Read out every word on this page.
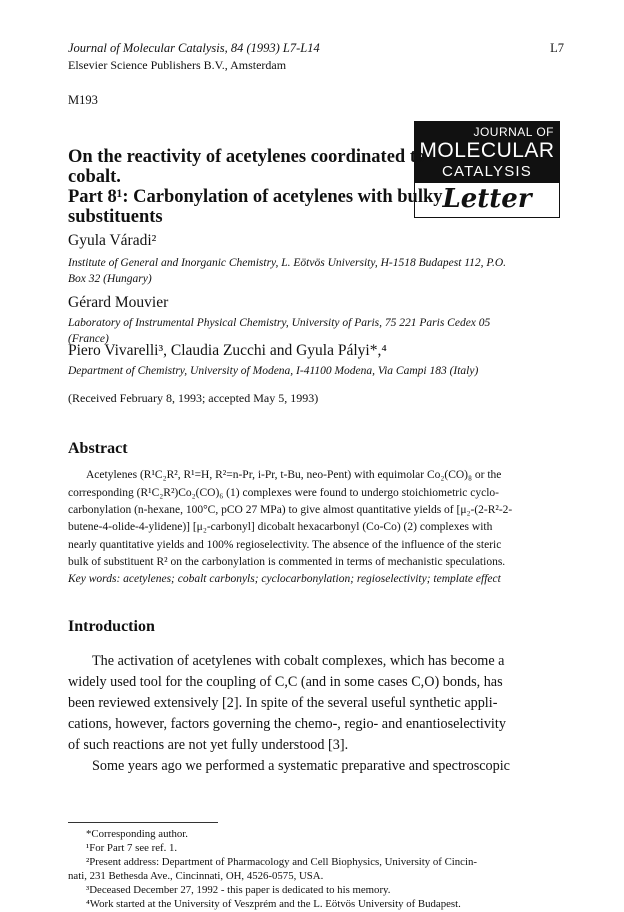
Journal of Molecular Catalysis, 84 (1993) L7-L14
Elsevier Science Publishers B.V., Amsterdam
L7
M193
JOURNAL OF
MOLECULAR
CATALYSIS
Letter
On the reactivity of acetylenes coordinated to
cobalt.
Part 8¹: Carbonylation of acetylenes with bulky
substituents
Gyula Váradi²
Institute of General and Inorganic Chemistry, L. Eötvös University, H-1518 Budapest 112, P.O.
Box 32 (Hungary)
Gérard Mouvier
Laboratory of Instrumental Physical Chemistry, University of Paris, 75 221 Paris Cedex 05
(France)
Piero Vivarelli³, Claudia Zucchi and Gyula Pályi*,⁴
Department of Chemistry, University of Modena, I-41100 Modena, Via Campi 183 (Italy)
(Received February 8, 1993; accepted May 5, 1993)
Abstract
Acetylenes (R¹C₂R², R¹=H, R²=n-Pr, i-Pr, t-Bu, neo-Pent) with equimolar Co₂(CO)₈ or the
corresponding (R¹C₂R²)Co₂(CO)₆ (1) complexes were found to undergo stoichiometric cyclo-
carbonylation (n-hexane, 100°C, pCO 27 MPa) to give almost quantitative yields of [μ₂-(2-R²-2-
butene-4-olide-4-ylidene)] [μ₂-carbonyl] dicobalt hexacarbonyl (Co-Co) (2) complexes with
nearly quantitative yields and 100% regioselectivity. The absence of the influence of the steric
bulk of substituent R² on the carbonylation is commented in terms of mechanistic speculations.
Key words: acetylenes; cobalt carbonyls; cyclocarbonylation; regioselectivity; template effect
Introduction
The activation of acetylenes with cobalt complexes, which has become a
widely used tool for the coupling of C,C (and in some cases C,O) bonds, has
been reviewed extensively [2]. In spite of the several useful synthetic appli-
cations, however, factors governing the chemo-, regio- and enantioselectivity
of such reactions are not yet fully understood [3].
Some years ago we performed a systematic preparative and spectroscopic
*Corresponding author.
¹For Part 7 see ref. 1.
²Present address: Department of Pharmacology and Cell Biophysics, University of Cincin-
nati, 231 Bethesda Ave., Cincinnati, OH, 4526-0575, USA.
³Deceased December 27, 1992 - this paper is dedicated to his memory.
⁴Work started at the University of Veszprém and the L. Eötvös University of Budapest.
